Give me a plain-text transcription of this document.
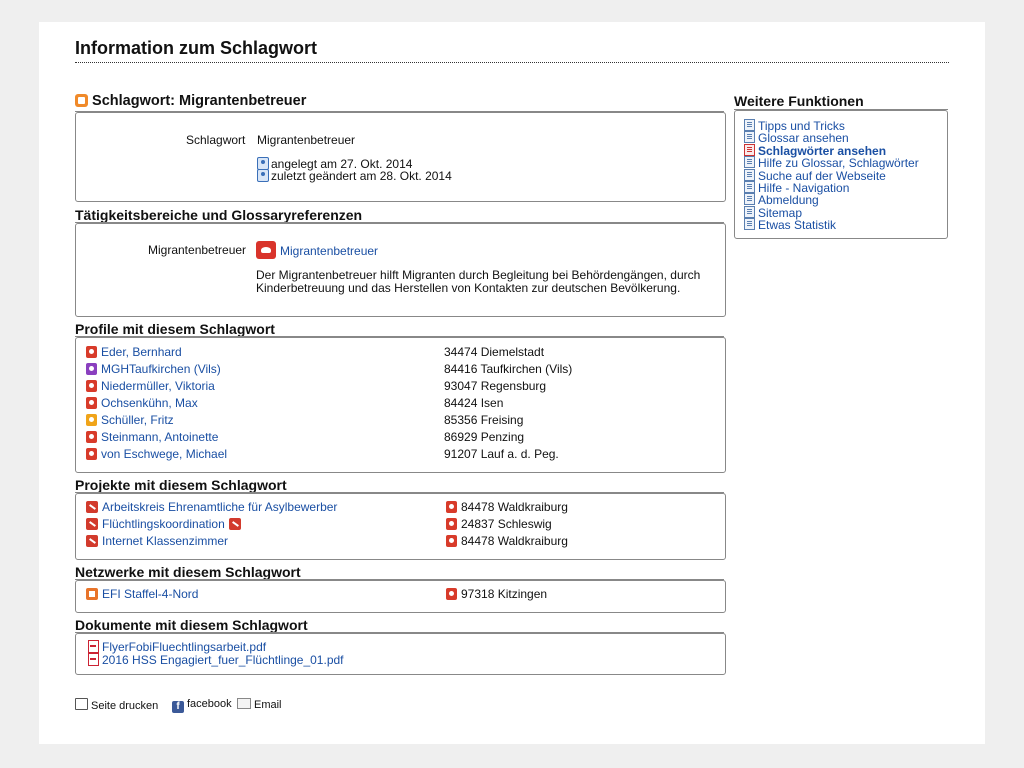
Information zum Schlagwort
Schlagwort: Migrantenbetreuer
Schlagwort Migrantenbetreuer
angelegt am 27. Okt. 2014
zuletzt geändert am 28. Okt. 2014
Tätigkeitsbereiche und Glossaryreferenzen
Migrantenbetreuer	Migrantenbetreuer
Der Migrantenbetreuer hilft Migranten durch Begleitung bei Behördengängen, durch
Kinderbetreuung und das Herstellen von Kontakten zur deutschen Bevölkerung.
Profile mit diesem Schlagwort
Eder, Bernhard	34474 Diemelstadt
MGHTaufkirchen (Vils)	84416 Taufkirchen (Vils)
Niedermüller, Viktoria	93047 Regensburg
Ochsenkühn, Max	84424 Isen
Schüller, Fritz	85356 Freising
Steinmann, Antoinette	86929 Penzing
von Eschwege, Michael	91207 Lauf a. d. Peg.
Projekte mit diesem Schlagwort
Arbeitskreis Ehrenamtliche für Asylbewerber	84478 Waldkraiburg
Flüchtlingskoordination	24837 Schleswig
Internet Klassenzimmer	84478 Waldkraiburg
Netzwerke mit diesem Schlagwort
EFI Staffel-4-Nord	97318 Kitzingen
Dokumente mit diesem Schlagwort
FlyerFobiFluechtlingsarbeit.pdf
2016 HSS Engagiert_fuer_Flüchtlinge_01.pdf
Seite drucken	f facebook	Email
Weitere Funktionen
Tipps und Tricks
Glossar ansehen
Schlagwörter ansehen
Hilfe zu Glossar, Schlagwörter
Suche auf der Webseite
Hilfe - Navigation
Abmeldung
Sitemap
Etwas Statistik
